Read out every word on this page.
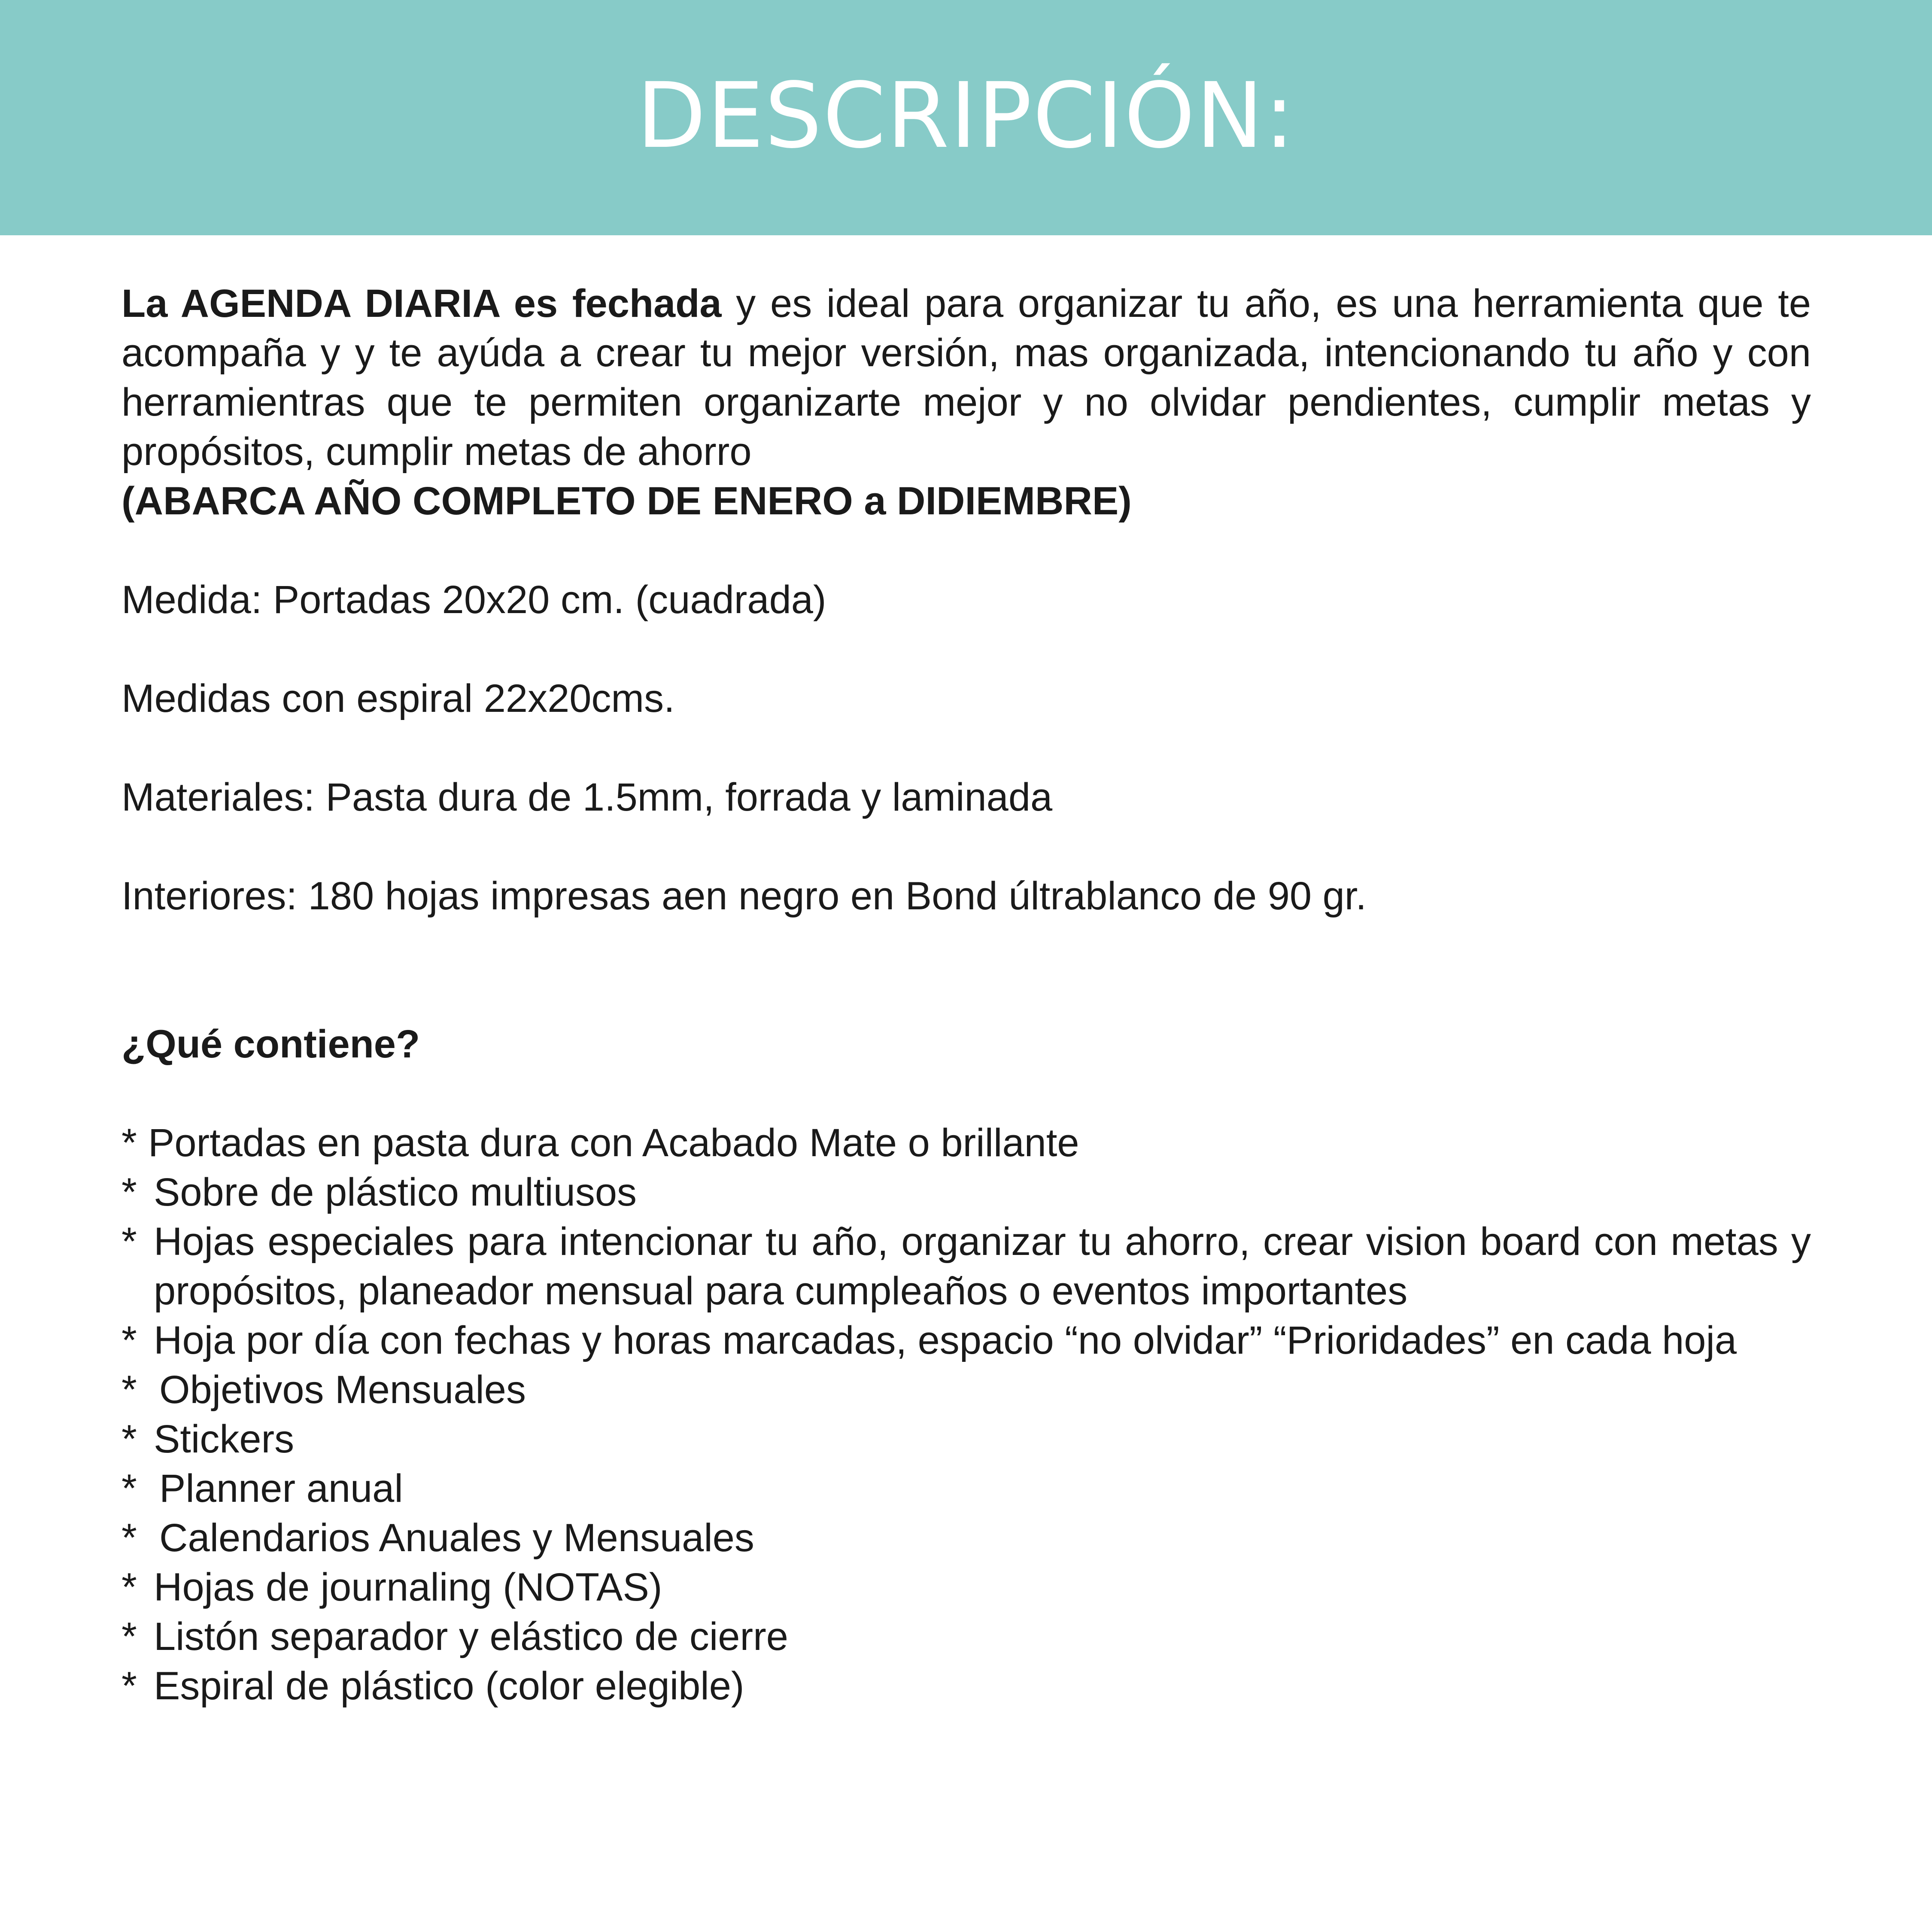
DESCRIPCIÓN:

La AGENDA DIARIA es fechada y es ideal para organizar tu año, es una herramienta que te acompaña y y te ayúda a crear tu mejor versión, mas organizada, intencionando tu año y con herramientras que te permiten organizarte mejor y no olvidar pendientes, cumplir metas y propósitos, cumplir metas de ahorro

(ABARCA AÑO COMPLETO DE ENERO a DIDIEMBRE)

Medida: Portadas 20x20 cm. (cuadrada)

Medidas con espiral 22x20cms.

Materiales: Pasta dura de 1.5mm, forrada y laminada

Interiores: 180 hojas impresas aen negro en Bond últrablanco de 90 gr.

¿Qué contiene?

* Portadas en pasta dura con Acabado Mate o brillante
* Sobre de plástico multiusos
* Hojas especiales para intencionar tu año, organizar tu ahorro, crear vision board con metas y propósitos, planeador mensual para cumpleaños o eventos importantes
* Hoja por día con fechas y horas marcadas, espacio “no olvidar” “Prioridades” en cada hoja
* Objetivos Mensuales
* Stickers
* Planner anual
* Calendarios Anuales y Mensuales
* Hojas de journaling (NOTAS)
* Listón separador y elástico de cierre
* Espiral de plástico (color elegible)
